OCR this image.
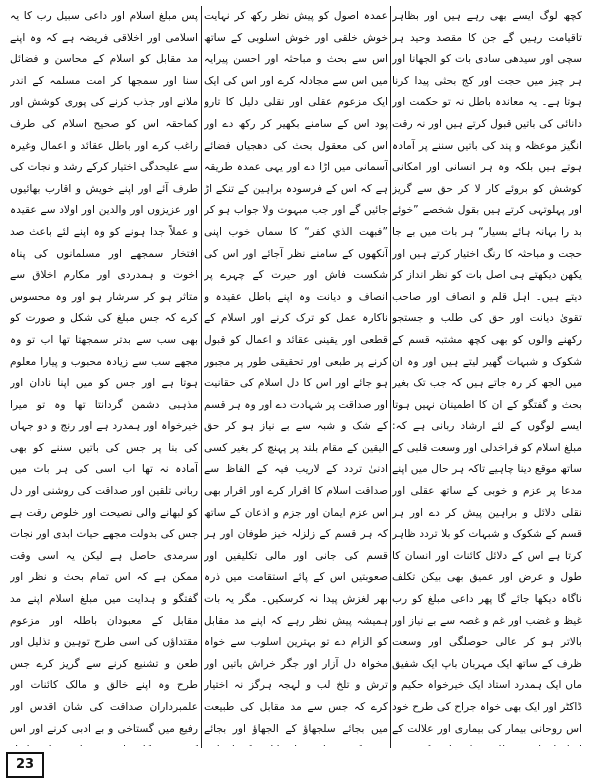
کچھ لوگ ایسے بھی رہے ہیں اور بظاہر تاقیامت رہیں گے جن کا مقصد وحید ہر سچی اور سیدھی سادی بات کو الجھانا اور ہر چیز میں حجت اور کج بحثی پیدا کرنا ہوتا ہے۔ یہ معاندہ باطل نہ تو حکمت اور دانائی کی باتیں قبول کرتے ہیں اور نہ رقت انگیز موعظہ و پند کی باتیں سننے پر آمادہ ہوتے ہیں بلکہ وہ ہر انسانی اور امکانی کوشش کو بروئے کار لا کر حق سے گریز اور پہلوتہی کرتے ہیں بقول شخصے ”خوئے بد را بہانہ ہائے بسیار“ ہر بات میں بے جا حجت و مباحثہ کا رنگ اختیار کرتے ہیں اور یکھن دیکھتے ہی اصل بات کو نظر انداز کر دیتے ہیں۔ اہل قلم و انصاف اور صاحب تقویٰ دیانت اور حق کی طلب و جستجو رکھنے والوں کو بھی کچھ مشتبہ قسم کے شکوک و شبہات گھیر لیتے ہیں اور وہ ان میں الجھ کر رہ جاتے ہیں کہ جب تک بغیر بحث و گفتگو کے ان کا اطمینان نہیں ہوتا ایسے لوگوں کے لئے ارشاد ربانی ہے کہ: مبلغ اسلام کو فراخدلی اور وسعت قلبی کے ساتھ موقع دینا چاہیے تاکہ ہر حال میں اپنے مدعا پر عزم و خوبی کے ساتھ عقلی اور نقلی دلائل و براہین پیش کر دے اور ہر قسم کے شکوک و شبہات کو بلا تردد ظاہر کرتا ہے اس کے دلائل کائنات اور انسان کا طول و عرض اور عمیق بھی بیکن تکلف ناگاہ دیکھا جائے گا پھر داعی مبلغ کو رب غیظ و غضب اور غم و غصہ سے بے نیاز اور بالاتر ہو کر عالی حوصلگی اور وسعت ظرف کے ساتھ ایک مہربان باپ ایک شفیق ماں ایک ہمدرد استاد ایک خیرخواہ حکیم و ڈاکٹر اور ایک بھی خواہ جراح کی طرح خود اس روحانی بیمار کی بیماری اور علالت کے

عمدہ اصول کو پیش نظر رکھ کر نہایت خوش خلقی اور خوش اسلوبی کے ساتھ اس سے بحث و مباحثہ اور احسن پیرایہ میں اس سے مجادلہ کرے اور اس کی ایک ایک مزعوم عقلی اور نقلی دلیل کا تارو پود اس کے سامنے بکھیر کر رکھ دے اور اس کی معقول بحث کی دھجیاں فضائے آسمانی میں اڑا دے اور یہی عمدہ طریقہ ہے کہ اس کے فرسودہ براہین کے تنکے اڑ جائیں گے اور جب مبہوت ولا جواب ہو کر ”فبهت الذي كفر“ کا سماں خوب اپنی آنکھوں کے سامنے نظر آجائے اور اس کی شکست فاش اور حیرت کے چہرے پر انصاف و دیانت وہ اپنے باطل عقیدہ و ناکارہ عمل کو ترک کرنے اور اسلام کے قطعی اور یقینی عقائد و اعمال کو قبول کرنے پر طبعی اور تحقیقی طور پر مجبور ہو جائے اور اس کا دل اسلام کی حقانیت اور صداقت پر شہادت دے اور وہ ہر قسم کے شک و شبہ سے بے نیاز ہو کر حق الیقین کے مقام بلند پر پہنچ کر بغیر کسی ادنیٰ تردد کے لاریب فیہ کے الفاظ سے صداقت اسلام کا اقرار کرے اور اقرار بھی اس عزم ایمان اور جزم و اذعان کے ساتھ کہ ہر قسم کے زلزلہ خیز طوفان اور ہر قسم کی جانی اور مالی تکلیفیں اور صعوبتیں اس کے پائے استقامت میں ذرہ بھر لغزش پیدا نہ کرسکیں۔ مگر یہ بات ہمیشہ پیش نظر رہے کہ اپنے مد مقابل کو الزام دے تو بہترین اسلوب سے خواہ مخواہ دل آزار اور جگر خراش باتیں اور ترش و تلخ لب و لہجہ ہرگز نہ اختیار کرے کہ جس سے مد مقابل کی طبیعت میں بجائے سلجھاؤ کے الجھاؤ اور بجائے

پس مبلغ اسلام اور داعی سبیل رب کا یہ اسلامی اور اخلاقی فریضہ ہے کہ وہ اپنے مد مقابل کو اسلام کے محاسن و فضائل سنا اور سمجھا کر امت مسلمہ کے اندر ملانے اور جذب کرنے کی پوری کوشش اور کماحقہ اس کو صحیح اسلام کی طرف راغب کرے اور باطل عقائد و اعمال وغیرہ سے علیحدگی اختیار کرکے رشد و نجات کی طرف آئے اور اپنے خویش و اقارب بھائیوں اور عزیزوں اور والدین اور اولاد سے عقیدہ و عملاً جدا ہونے کو وہ اپنے لئے باعث صد افتخار سمجھے اور مسلمانوں کی پناہ اخوت و ہمدردی اور مکارم اخلاق سے متاثر ہو کر سرشار ہو اور وہ محسوس کرے کہ جس مبلغ کی شکل و صورت کو بھی سب سے بدتر سمجھتا تھا اب تو وہ مجھے سب سے زیادہ محبوب و پیارا معلوم ہوتا ہے اور جس کو میں اپنا نادان اور مذہبی دشمن گردانتا تھا وہ تو میرا خیرخواہ اور ہمدرد ہے اور رنج و دو جہاں کی بنا پر جس کی باتیں سننے کو بھی آمادہ نہ تھا اب اسی کی ہر بات میں ربانی تلقین اور صداقت کی روشنی اور دل کو لبھانے والی نصیحت اور خلوص رقت ہے جس کی بدولت مجھے حیات ابدی اور نجات سرمدی حاصل ہے لیکن یہ اسی وقت ممکن ہے کہ اس تمام بحث و نظر اور گفتگو و ہدایت میں مبلغ اسلام اپنے مد مقابل کے معبودان باطلہ اور مزعوم مقتداؤں کی اسی طرح توہین و تذلیل اور طعن و تشنیع کرنے سے گریز کرے جس طرح وہ اپنے خالق و مالک کائنات اور علمبرداران صداقت کی شان اقدس اور رفیع میں گستاخی و بے ادبی کرنے اور اس

23
